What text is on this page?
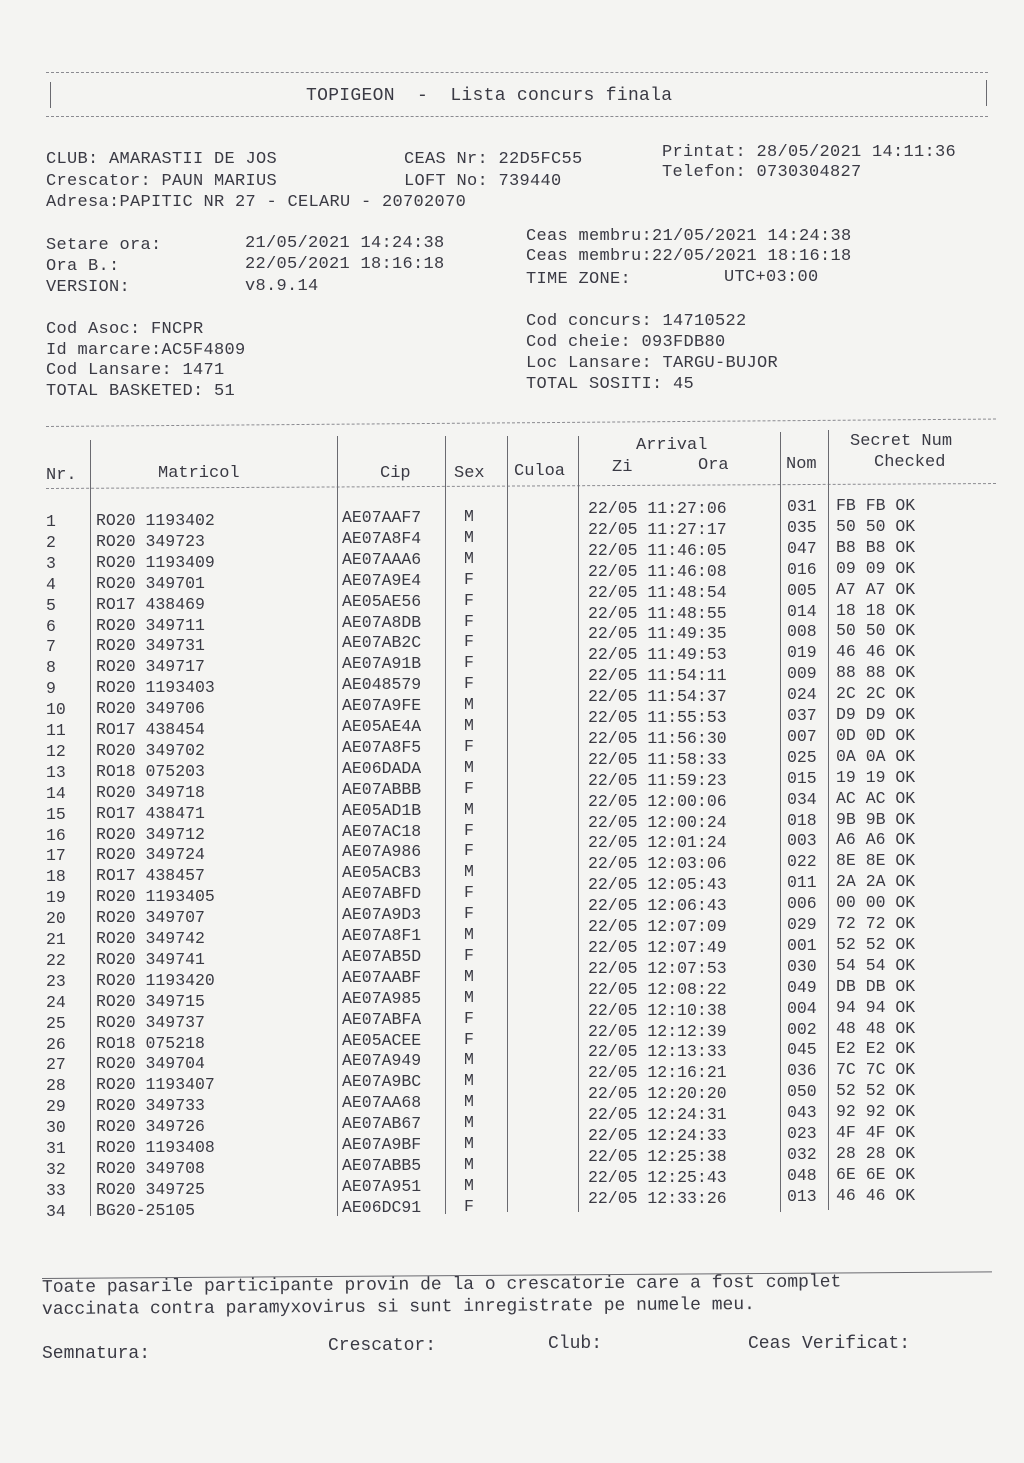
TOPIGEON  -  Lista concurs finala
CLUB: AMARASTII DE JOS
Crescator: PAUN MARIUS
Adresa:PAPITIC NR 27 - CELARU - 20702070
CEAS Nr: 22D5FC55
LOFT No: 739440
Printat: 28/05/2021 14:11:36
Telefon: 0730304827
Setare ora:	21/05/2021 14:24:38
Ora B.:	22/05/2021 18:16:18
VERSION:	v8.9.14
Ceas membru:21/05/2021 14:24:38
Ceas membru:22/05/2021 18:16:18
TIME ZONE:	UTC+03:00
Cod Asoc: FNCPR
Id marcare:AC5F4809
Cod Lansare: 1471
TOTAL BASKETED: 51
Cod concurs: 14710522
Cod cheie: 093FDB80
Loc Lansare: TARGU-BUJOR
TOTAL SOSITI: 45
Nr.	Matricol	Cip	Sex Culoa
Arrival
Zi	Ora	Nom
Secret Num
Checked
1 RO20 1193402	AE07AAF7	M	22/05 11:27:06	031 FB FB OK
2 RO20 349723	AE07A8F4	M	22/05 11:27:17	035 50 50 OK
3 RO20 1193409	AE07AAA6	M	22/05 11:46:05	047 B8 B8 OK
4 RO20 349701	AE07A9E4	F	22/05 11:46:08	016 09 09 OK
5 RO17 438469	AE05AE56	F	22/05 11:48:54	005 A7 A7 OK
6 RO20 349711	AE07A8DB	F	22/05 11:48:55	014 18 18 OK
7 RO20 349731	AE07AB2C	F	22/05 11:49:35	008 50 50 OK
8 RO20 349717	AE07A91B	F	22/05 11:49:53	019 46 46 OK
9 RO20 1193403	AE048579	F	22/05 11:54:11	009 88 88 OK
10 RO20 349706	AE07A9FE	M	22/05 11:54:37	024 2C 2C OK
11 RO17 438454	AE05AE4A	M	22/05 11:55:53	037 D9 D9 OK
12 RO20 349702	AE07A8F5	F	22/05 11:56:30	007 0D 0D OK
13 RO18 075203	AE06DADA	M	22/05 11:58:33	025 0A 0A OK
14 RO20 349718	AE07ABBB	F	22/05 11:59:23	015 19 19 OK
15 RO17 438471	AE05AD1B	M	22/05 12:00:06	034 AC AC OK
16 RO20 349712	AE07AC18	F	22/05 12:00:24	018 9B 9B OK
17 RO20 349724	AE07A986	F	22/05 12:01:24	003 A6 A6 OK
18 RO17 438457	AE05ACB3	M	22/05 12:03:06	022 8E 8E OK
19 RO20 1193405	AE07ABFD	F	22/05 12:05:43	011 2A 2A OK
20 RO20 349707	AE07A9D3	F	22/05 12:06:43	006 00 00 OK
21 RO20 349742	AE07A8F1	M	22/05 12:07:09	029 72 72 OK
22 RO20 349741	AE07AB5D	F	22/05 12:07:49	001 52 52 OK
23 RO20 1193420	AE07AABF	M	22/05 12:07:53	030 54 54 OK
24 RO20 349715	AE07A985	M	22/05 12:08:22	049 DB DB OK
25 RO20 349737	AE07ABFA	F	22/05 12:10:38	004 94 94 OK
26 RO18 075218	AE05ACEE	F	22/05 12:12:39	002 48 48 OK
27 RO20 349704	AE07A949	M	22/05 12:13:33	045 E2 E2 OK
28 RO20 1193407	AE07A9BC	M	22/05 12:16:21	036 7C 7C OK
29 RO20 349733	AE07AA68	M	22/05 12:20:20	050 52 52 OK
30 RO20 349726	AE07AB67	M	22/05 12:24:31	043 92 92 OK
31 RO20 1193408	AE07A9BF	M	22/05 12:24:33	023 4F 4F OK
32 RO20 349708	AE07ABB5	M	22/05 12:25:38	032 28 28 OK
33 RO20 349725	AE07A951	M	22/05 12:25:43	048 6E 6E OK
34 BG20-25105	AE06DC91	F	22/05 12:33:26	013 46 46 OK
Toate pasarile participante provin de la o crescatorie care a fost complet
vaccinata contra paramyxovirus si sunt inregistrate pe numele meu.
Semnatura:	Crescator:	Club:	Ceas Verificat:
